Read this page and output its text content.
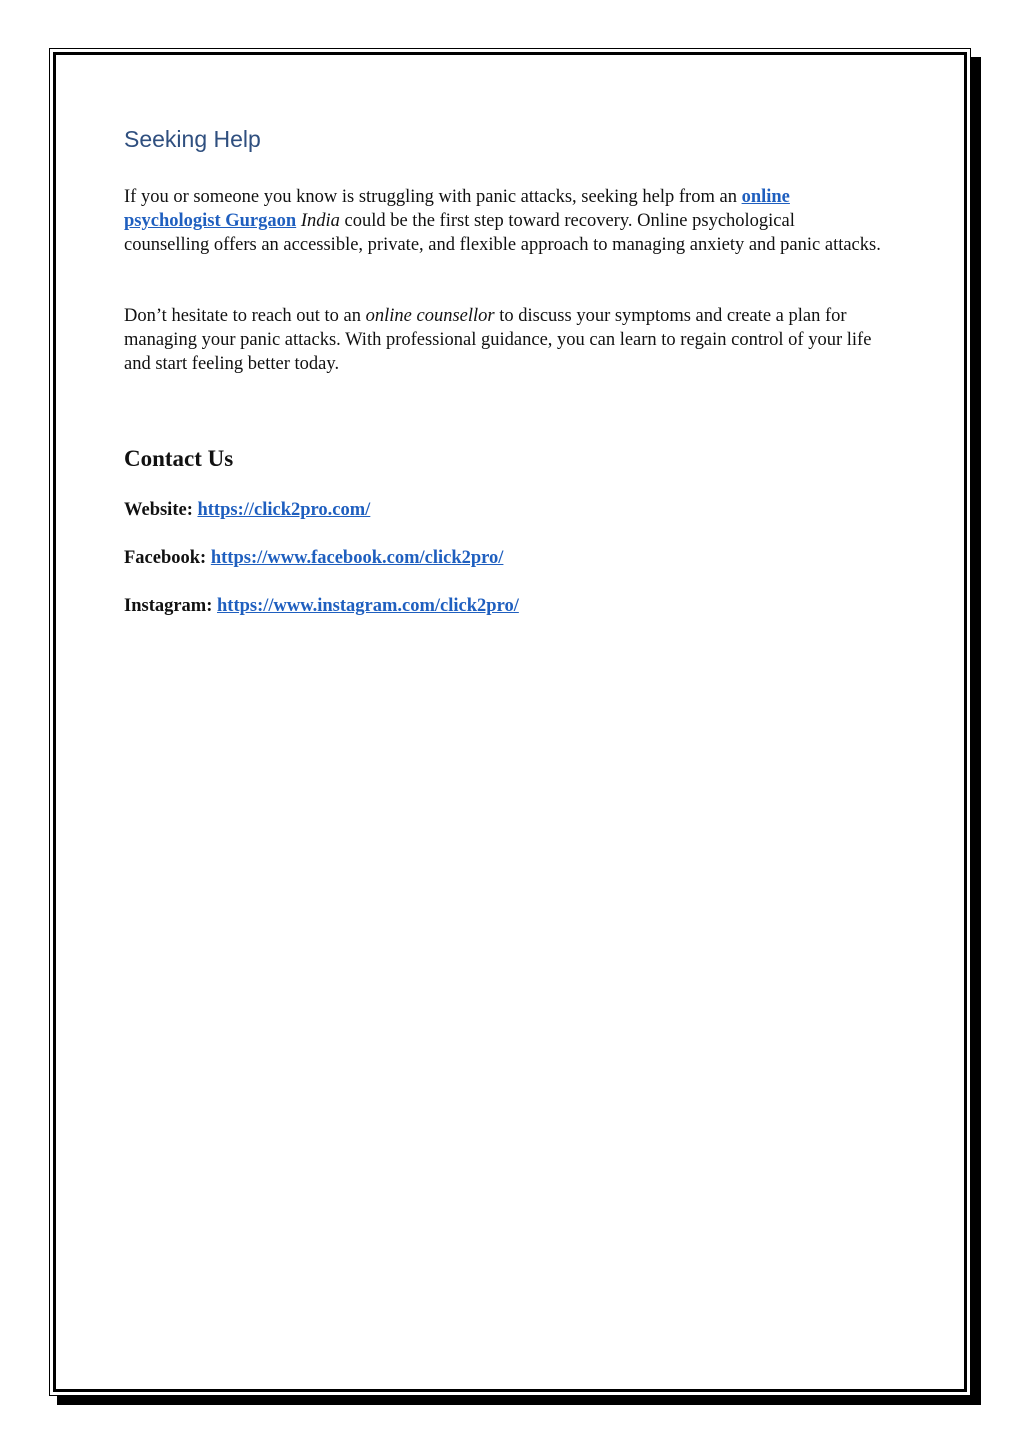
Seeking Help

If you or someone you know is struggling with panic attacks, seeking help from an online psychologist Gurgaon India could be the first step toward recovery. Online psychological counselling offers an accessible, private, and flexible approach to managing anxiety and panic attacks.

Don’t hesitate to reach out to an online counsellor to discuss your symptoms and create a plan for managing your panic attacks. With professional guidance, you can learn to regain control of your life and start feeling better today.

Contact Us
Website: https://click2pro.com/
Facebook: https://www.facebook.com/click2pro/
Instagram: https://www.instagram.com/click2pro/
